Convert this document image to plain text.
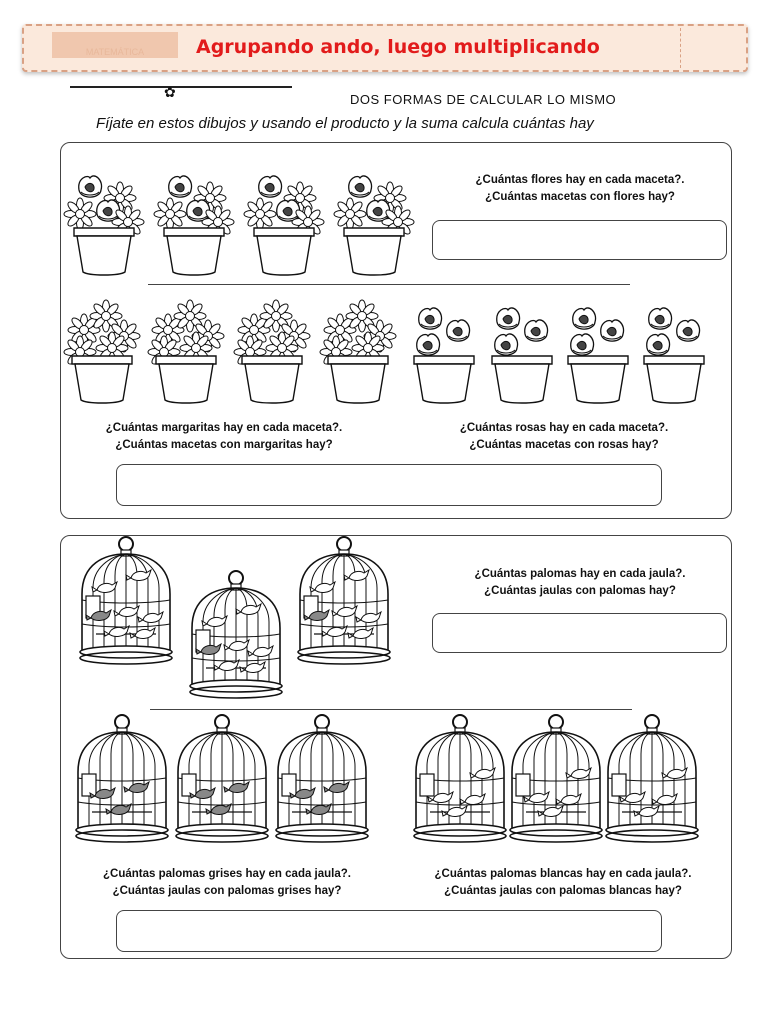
MATEMÁTICA	Agrupando ando, luego multiplicando
✿	DOS FORMAS DE CALCULAR LO MISMO
Fíjate en estos dibujos y usando el producto y la suma calcula cuántas hay
¿Cuántas flores hay en cada maceta?.
¿Cuántas macetas con flores hay?
¿Cuántas margaritas hay en cada maceta?.
¿Cuántas macetas con margaritas hay?
¿Cuántas rosas hay en cada maceta?.
¿Cuántas macetas con rosas hay?
¿Cuántas palomas hay en cada jaula?.
¿Cuántas jaulas con palomas hay?
¿Cuántas palomas grises hay en cada jaula?.
¿Cuántas jaulas con palomas grises hay?
¿Cuántas palomas blancas hay en cada jaula?.
¿Cuántas jaulas con palomas blancas hay?
